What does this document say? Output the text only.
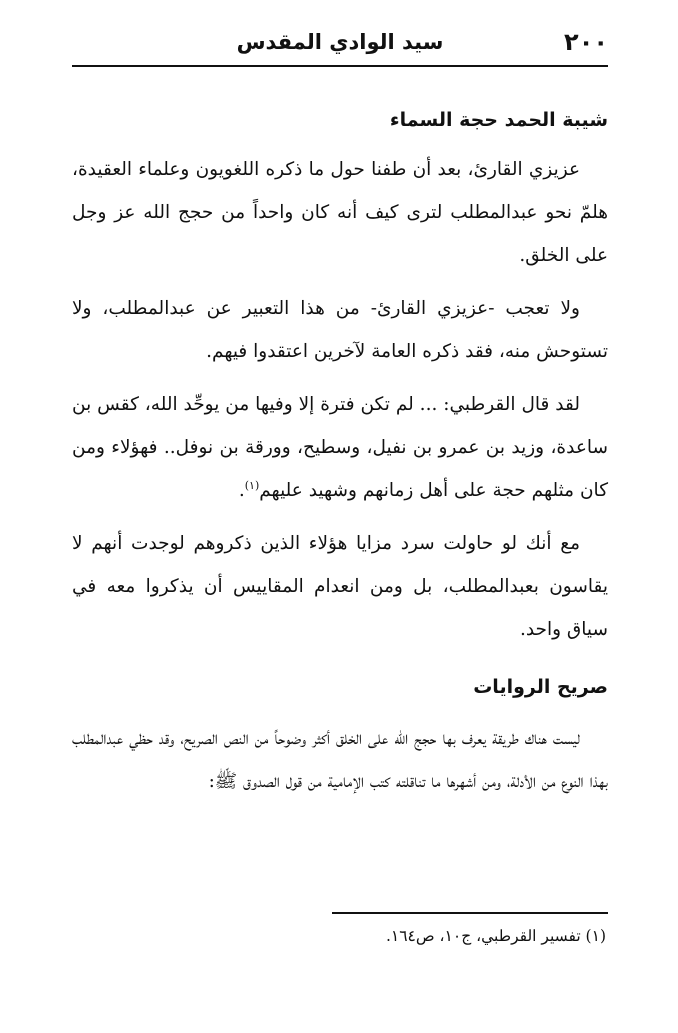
٢٠٠
سيد الوادي المقدس
شيبة الحمد حجة السماء

عزيزي القارئ، بعد أن طفنا حول ما ذكره اللغويون وعلماء العقيدة، هلمّ نحو عبدالمطلب لترى كيف أنه كان واحداً من حجج الله عز وجل على الخلق.

ولا تعجب -عزيزي القارئ- من هذا التعبير عن عبدالمطلب، ولا تستوحش منه، فقد ذكره العامة لآخرين اعتقدوا فيهم.

لقد قال القرطبي: ... لم تكن فترة إلا وفيها من يوحِّد الله، كقس بن ساعدة، وزيد بن عمرو بن نفيل، وسطيح، وورقة بن نوفل.. فهؤلاء ومن كان مثلهم حجة على أهل زمانهم وشهيد عليهم$^{(١)}$.

مع أنك لو حاولت سرد مزايا هؤلاء الذين ذكروهم لوجدت أنهم لا يقاسون بعبدالمطلب، بل ومن انعدام المقاييس أن يذكروا معه في سياق واحد.

صريح الروايات

ليست هناك طريقة يعرف بها حجج الله على الخلق أكثر وضوحاً من النص الصريح، وقد حظي عبدالمطلب بهذا النوع من الأدلة، ومن أشهرها ما تناقلته كتب الإمامية من قول الصدوق ﷺ:

(١) تفسير القرطبي، ج١٠، ص١٦٤.
